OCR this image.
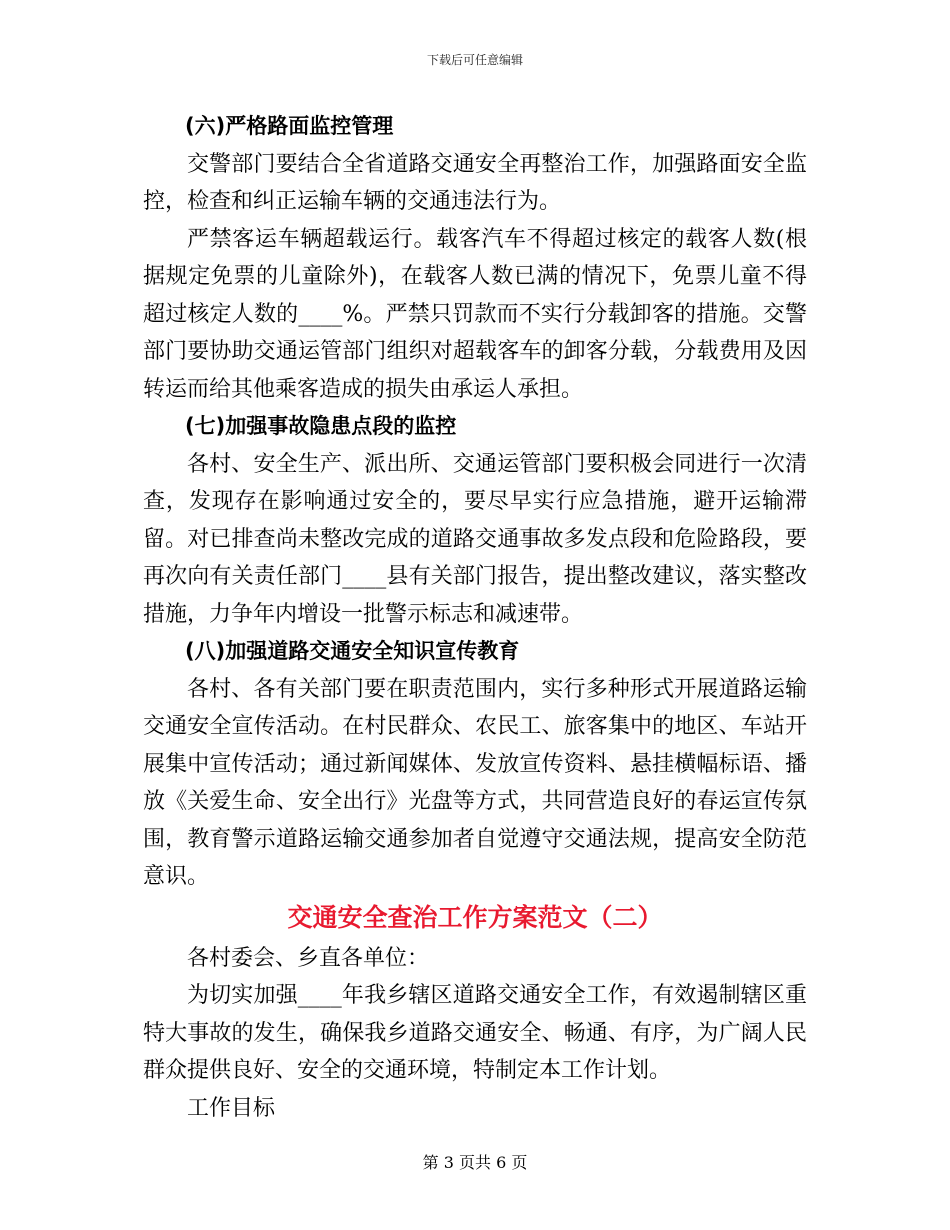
下载后可任意编辑
(六)严格路面监控管理

交警部门要结合全省道路交通安全再整治工作，加强路面安全监控，检查和纠正运输车辆的交通违法行为。

严禁客运车辆超载运行。载客汽车不得超过核定的载客人数(根据规定免票的儿童除外)，在载客人数已满的情况下，免票儿童不得超过核定人数的____%。严禁只罚款而不实行分载卸客的措施。交警部门要协助交通运管部门组织对超载客车的卸客分载，分载费用及因转运而给其他乘客造成的损失由承运人承担。

(七)加强事故隐患点段的监控

各村、安全生产、派出所、交通运管部门要积极会同进行一次清查，发现存在影响通过安全的，要尽早实行应急措施，避开运输滞留。对已排查尚未整改完成的道路交通事故多发点段和危险路段，要再次向有关责任部门____县有关部门报告，提出整改建议，落实整改措施，力争年内增设一批警示标志和减速带。

(八)加强道路交通安全知识宣传教育

各村、各有关部门要在职责范围内，实行多种形式开展道路运输交通安全宣传活动。在村民群众、农民工、旅客集中的地区、车站开展集中宣传活动；通过新闻媒体、发放宣传资料、悬挂横幅标语、播放《关爱生命、安全出行》光盘等方式，共同营造良好的春运宣传氛围，教育警示道路运输交通参加者自觉遵守交通法规，提高安全防范意识。

交通安全查治工作方案范文（二）

各村委会、乡直各单位：

为切实加强____年我乡辖区道路交通安全工作，有效遏制辖区重特大事故的发生，确保我乡道路交通安全、畅通、有序，为广阔人民群众提供良好、安全的交通环境，特制定本工作计划。

工作目标

第 3 页共 6 页
